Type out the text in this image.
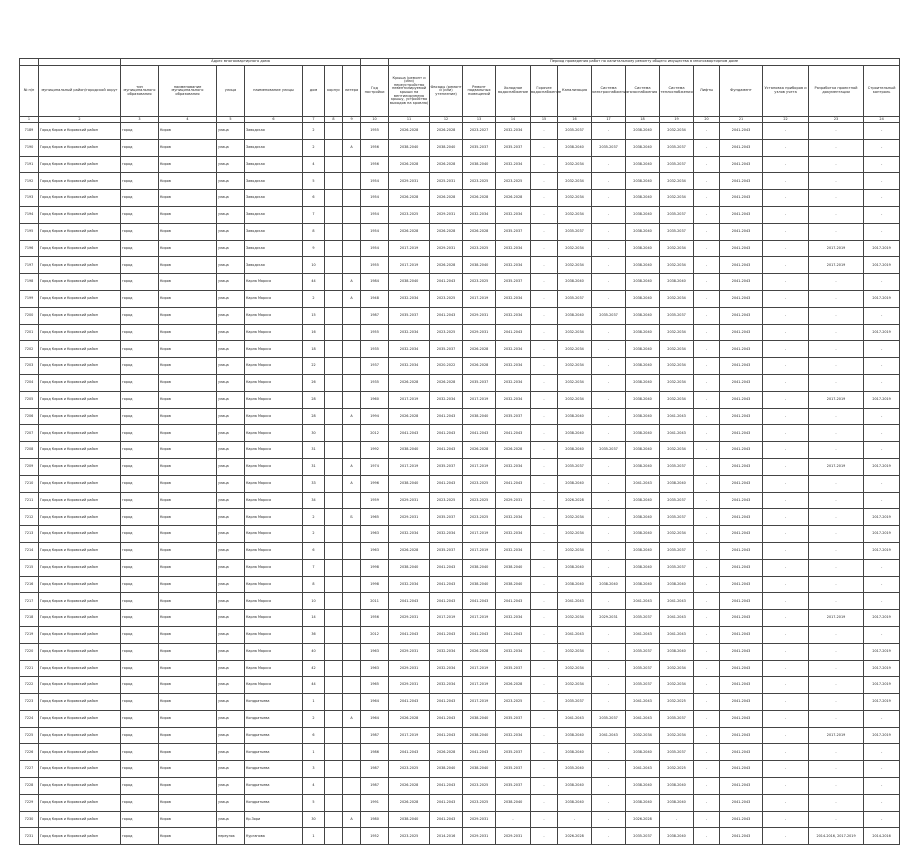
		Адрес многоквартирного дома								Период проведения работ по капитальному ремонту общего имущества в многоквартирном доме													
№ п/п	муниципальный район/городской округ	тип муниципального образования	наименование муниципального образования	улица	наименование улицы	дом	корпус	литера	Год постройки	Крыша (ремонт и (или) переустройство невентилируемой крыши на вентилируемую крышу, устройство выходов на кровлю)	Фасады (ремонт и (или) утепление)	Ремонт подвальных помещений	Холодное водоснабжение	Горячее водоснабжение	Канализация	Система электроснабжения	Система газоснабжения	Система теплоснабжения	Лифты	Фундамент	Установка приборов и узлов учета	Разработка проектной документации	Строительный контроль
1	2	3	4	5	6	7	8	9	10	11	12	13	14	15	16	17	18	19	20	21	22	23	24
7189	Город Киров и Кировский район	город	Киров	улица	Заводская	2			1955	2026-2028	2026-2028	2023-2027	2032-2034	-	2035-2037	-	2038-2040	2032-2034	-	2041-2043	-	-	-
7190	Город Киров и Кировский район	город	Киров	улица	Заводская	2		А	1956	2038-2040	2038-2040	2035-2037	2035-2037	-	2038-2040	2035-2037	2038-2040	2035-2037	-	2041-2043	-	-	-
7191	Город Киров и Кировский район	город	Киров	улица	Заводская	4			1956	2026-2028	2026-2028	2038-2040	2032-2034	-	2032-2034	-	2038-2040	2035-2037	-	2041-2043	-	-	-
7192	Город Киров и Кировский район	город	Киров	улица	Заводская	5			1954	2029-2031	2025-2031	2023-2025	2023-2025	-	2032-2034	-	2038-2040	2032-2034	-	2041-2043	-	-	-
7193	Город Киров и Кировский район	город	Киров	улица	Заводская	6			1954	2026-2028	2026-2028	2026-2028	2026-2028	-	2032-2034	-	2038-2040	2032-2034	-	2041-2043	-	-	-
7194	Город Киров и Кировский район	город	Киров	улица	Заводская	7			1954	2023-2025	2029-2031	2032-2034	2032-2034	-	2032-2034	-	2038-2040	2035-2037	-	2041-2043	-	-	-
7195	Город Киров и Кировский район	город	Киров	улица	Заводская	8			1954	2026-2028	2026-2028	2026-2028	2035-2037	-	2035-2037	-	2038-2040	2035-2037	-	2041-2043	-	-	-
7196	Город Киров и Кировский район	город	Киров	улица	Заводская	9			1954	2017-2019	2029-2031	2023-2025	2032-2034	-	2032-2034	-	2038-2040	2032-2034	-	2041-2043	-	2017-2019	2017-2019
7197	Город Киров и Кировский район	город	Киров	улица	Заводская	10			1955	2017-2019	2026-2028	2038-2040	2032-2034	-	2032-2034	-	2038-2040	2032-2034	-	2041-2043	-	2017-2019	2017-2019
7198	Город Киров и Кировский район	город	Киров	улица	Карла Маркса	44		А	1984	2038-2040	2041-2043	2023-2025	2035-2037	-	2038-2040	-	2038-2040	2038-2040	-	2041-2043	-	-	-
7199	Город Киров и Кировский район	город	Киров	улица	Карла Маркса	2		А	1948	2032-2034	2023-2025	2017-2019	2032-2034	-	2035-2037	-	2038-2040	2032-2034	-	2041-2043	-	-	2017-2019
7200	Город Киров и Кировский район	город	Киров	улица	Карла Маркса	15			1987	2035-2037	2041-2043	2029-2031	2032-2034	-	2038-2040	2035-2037	2038-2040	2035-2037	-	2041-2043	-	-	-
7201	Город Киров и Кировский район	город	Киров	улица	Карла Маркса	16			1955	2032-2034	2023-2025	2029-2031	2041-2043	-	2032-2034	-	2038-2040	2032-2034	-	2041-2043	-	-	2017-2019
7202	Город Киров и Кировский район	город	Киров	улица	Карла Маркса	18			1935	2032-2034	2035-2037	2026-2028	2032-2034	-	2032-2034	-	2038-2040	2032-2034	-	2041-2043	-	-	-
7203	Город Киров и Кировский район	город	Киров	улица	Карла Маркса	22			1937	2032-2034	2020-2022	2026-2028	2032-2034	-	2032-2034	-	2038-2040	2032-2034	-	2041-2043	-	-	-
7204	Город Киров и Кировский район	город	Киров	улица	Карла Маркса	26			1935	2026-2028	2026-2028	2035-2037	2032-2034	-	2032-2034	-	2038-2040	2032-2034	-	2041-2043	-	-	-
7205	Город Киров и Кировский район	город	Киров	улица	Карла Маркса	28			1960	2017-2019	2032-2034	2017-2019	2032-2034	-	2032-2034	-	2038-2040	2032-2034	-	2041-2043	-	2017-2019	2017-2019
7206	Город Киров и Кировский район	город	Киров	улица	Карла Маркса	28		А	1994	2026-2028	2041-2043	2038-2040	2035-2037	-	2038-2040	-	2038-2040	2041-2043	-	2041-2043	-	-	-
7207	Город Киров и Кировский район	город	Киров	улица	Карла Маркса	30			2012	2041-2043	2041-2043	2041-2043	2041-2043	-	2038-2040	-	2038-2040	2041-2043	-	2041-2043	-	-	-
7208	Город Киров и Кировский район	город	Киров	улица	Карла Маркса	31			1992	2038-2040	2041-2043	2026-2028	2026-2028	-	2038-2040	2035-2037	2038-2040	2032-2034	-	2041-2043	-	-	-
7209	Город Киров и Кировский район	город	Киров	улица	Карла Маркса	31		А	1974	2017-2019	2035-2037	2017-2019	2032-2034	-	2035-2037	-	2038-2040	2035-2037	-	2041-2043	-	2017-2019	2017-2019
7210	Город Киров и Кировский район	город	Киров	улица	Карла Маркса	33		А	1996	2038-2040	2041-2043	2023-2025	2041-2043	-	2038-2040	-	2041-2043	2038-2040	-	2041-2043	-	-	-
7211	Город Киров и Кировский район	город	Киров	улица	Карла Маркса	34			1959	2029-2031	2023-2025	2023-2025	2029-2031	-	2026-2028	-	2038-2040	2035-2037	-	2041-2043	-	-	-
7212	Город Киров и Кировский район	город	Киров	улица	Карла Маркса	2		Б	1965	2029-2031	2035-2037	2023-2025	2032-2034	-	2032-2034	-	2038-2040	2035-2037	-	2041-2043	-	-	2017-2019
7213	Город Киров и Кировский район	город	Киров	улица	Карла Маркса	2			1963	2032-2034	2032-2034	2017-2019	2032-2034	-	2032-2034	-	2038-2040	2032-2034	-	2041-2043	-	-	2017-2019
7214	Город Киров и Кировский район	город	Киров	улица	Карла Маркса	6			1963	2026-2028	2035-2037	2017-2019	2032-2034	-	2032-2034	-	2038-2040	2035-2037	-	2041-2043	-	-	2017-2019
7215	Город Киров и Кировский район	город	Киров	улица	Карла Маркса	7			1998	2038-2040	2041-2043	2038-2040	2038-2040	-	2038-2040	-	2038-2040	2035-2037	-	2041-2043	-	-	-
7216	Город Киров и Кировский район	город	Киров	улица	Карла Маркса	8			1998	2032-2034	2041-2043	2038-2040	2038-2040	-	2038-2040	2038-2040	2038-2040	2038-2040	-	2041-2043	-	-	-
7217	Город Киров и Кировский район	город	Киров	улица	Карла Маркса	10			2011	2041-2043	2041-2043	2041-2043	2041-2043	-	2041-2043	-	2041-2043	2041-2043	-	2041-2043	-	-	-
7218	Город Киров и Кировский район	город	Киров	улица	Карла Маркса	14			1956	2029-2031	2017-2019	2017-2019	2032-2034	-	2032-2034	2029-2031	2035-2037	2041-2043	-	2041-2043	-	2017-2019	2017-2019
7219	Город Киров и Кировский район	город	Киров	улица	Карла Маркса	36			2012	2041-2043	2041-2043	2041-2043	2041-2043	-	2041-2043	-	2041-2043	2041-2043	-	2041-2043	-	-	-
7220	Город Киров и Кировский район	город	Киров	улица	Карла Маркса	40			1963	2029-2031	2032-2034	2026-2028	2032-2034	-	2032-2034	-	2035-2037	2038-2040	-	2041-2043	-	-	2017-2019
7221	Город Киров и Кировский район	город	Киров	улица	Карла Маркса	42			1963	2029-2031	2032-2034	2017-2019	2035-2037	-	2032-2034	-	2035-2037	2032-2034	-	2041-2043	-	-	2017-2019
7222	Город Киров и Кировский район	город	Киров	улица	Карла Маркса	44			1965	2029-2031	2032-2034	2017-2019	2026-2028	-	2032-2034	-	2035-2037	2032-2034	-	2041-2043	-	-	2017-2019
7223	Город Киров и Кировский район	город	Киров	улица	Кондратьева	1			1964	2041-2043	2041-2043	2017-2019	2023-2025	-	2035-2037	-	2041-2043	2032-2025	-	2041-2043	-	-	2017-2019
7224	Город Киров и Кировский район	город	Киров	улица	Кондратьева	2		А	1964	2026-2028	2041-2043	2038-2040	2035-2037	-	2041-2043	2035-2037	2041-2043	2035-2037	-	2041-2043	-	-	-
7225	Город Киров и Кировский район	город	Киров	улица	Кондратьева	6			1987	2017-2019	2041-2043	2038-2040	2032-2034	-	2038-2040	2041-2043	2032-2034	2032-2034	-	2041-2043	-	2017-2019	2017-2019
7226	Город Киров и Кировский район	город	Киров	улица	Кондратьева	1			1986	2041-2043	2026-2028	2041-2043	2035-2037	-	2038-2040	-	2038-2040	2035-2037	-	2041-2043	-	-	-
7227	Город Киров и Кировский район	город	Киров	улица	Кондратьева	3			1987	2023-2025	2038-2040	2038-2040	2035-2037	-	2035-2040	-	2041-2043	2032-2025	-	2041-2043	-	-	-
7228	Город Киров и Кировский район	город	Киров	улица	Кондратьева	4			1987	2026-2028	2041-2043	2023-2025	2035-2037	-	2038-2040	-	2038-2040	2038-2040	-	2041-2043	-	-	-
7229	Город Киров и Кировский район	город	Киров	улица	Кондратьева	5			1991	2026-2028	2041-2043	2023-2025	2038-2040	-	2038-2040	-	2038-2040	2038-2040	-	2041-2043	-	-	-
7230	Город Киров и Кировский район	город	Киров	улица	Кр.Зори	30		А	1980	2038-2040	2041-2043	2029-2031	-	-	-	-	2026-2028	-	-	2041-2043	-	-	-
7231	Город Киров и Кировский район	город	Киров	переулок	Курганова	1			1952	2023-2025	2014-2016	2029-2031	2029-2031	-	2026-2028	-	2035-2037	2038-2040	-	2041-2043	-	2014-2016, 2017-2019	2014-2016
